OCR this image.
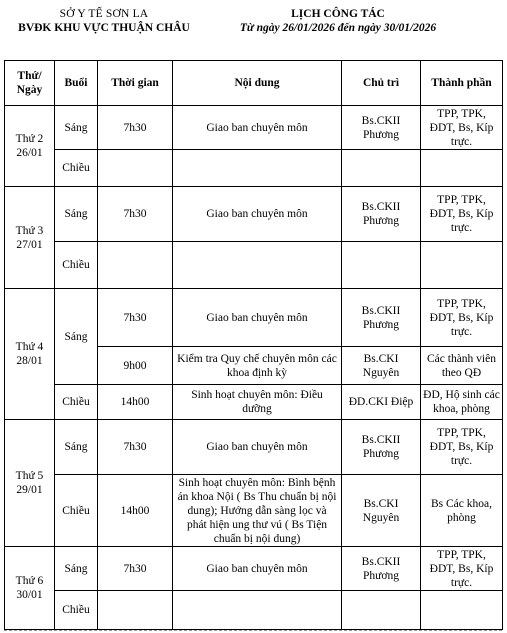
SỞ Y TẾ SƠN LA
BVĐK KHU VỰC THUẬN CHÂU
LỊCH CÔNG TÁC
Từ ngày 26/01/2026 đến ngày 30/01/2026
Thứ/ Ngày	Buổi	Thời gian	Nội dung	Chủ trì	Thành phần

Thứ 2
26/01	Sáng	7h30	Giao ban chuyên môn	Bs.CKII Phương	TPP, TPK, ĐDT, Bs, Kíp trực.
	Chiều				

Thứ 3
27/01	Sáng	7h30	Giao ban chuyên môn	Bs.CKII Phương	TPP, TPK, ĐDT, Bs, Kíp trực.
	Chiều				

Thứ 4
28/01	Sáng	7h30	Giao ban chuyên môn	Bs.CKII Phương	TPP, TPK, ĐDT, Bs, Kíp trực.
		9h00	Kiểm tra Quy chế chuyên môn các khoa định kỳ	Bs.CKI Nguyên	Các thành viên theo QĐ
	Chiều	14h00	Sinh hoạt chuyên môn: Điều dưỡng	ĐD.CKI Điệp	ĐD, Hộ sinh các khoa, phòng

Thứ 5
29/01	Sáng	7h30	Giao ban chuyên môn	Bs.CKII Phương	TPP, TPK, ĐDT, Bs, Kíp trực.
	Chiều	14h00	Sinh hoạt chuyên môn: Bình bệnh án khoa Nội ( Bs Thu chuẩn bị nội dung); Hướng dẫn sàng lọc và phát hiện ung thư vú ( Bs Tiện chuẩn bị nội dung)	Bs.CKI Nguyên	Bs Các khoa, phòng

Thứ 6
30/01	Sáng	7h30	Giao ban chuyên môn	Bs.CKII Phương	TPP, TPK, ĐDT, Bs, Kíp trực.
	Chiều				
